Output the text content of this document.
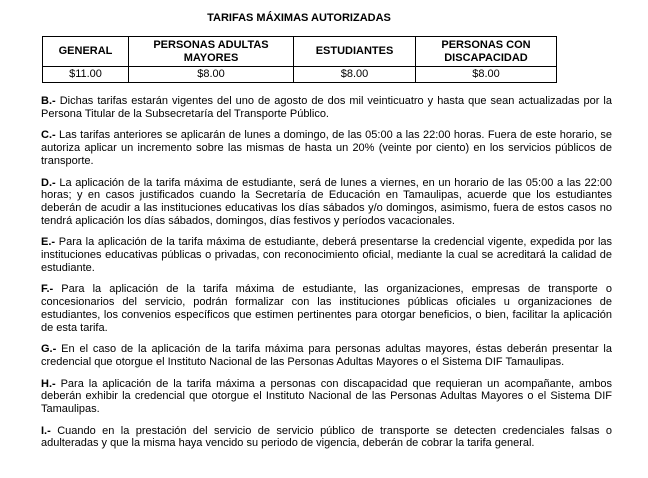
TARIFAS MÁXIMAS AUTORIZADAS
GENERAL	PERSONAS ADULTAS MAYORES	ESTUDIANTES	PERSONAS CON DISCAPACIDAD
$11.00	$8.00	$8.00	$8.00

B.- Dichas tarifas estarán vigentes del uno de agosto de dos mil veinticuatro y hasta que sean actualizadas por la Persona Titular de la Subsecretaría del Transporte Público.

C.- Las tarifas anteriores se aplicarán de lunes a domingo, de las 05:00 a las 22:00 horas. Fuera de este horario, se autoriza aplicar un incremento sobre las mismas de hasta un 20% (veinte por ciento) en los servicios públicos de transporte.

D.- La aplicación de la tarifa máxima de estudiante, será de lunes a viernes, en un horario de las 05:00 a las 22:00 horas; y en casos justificados cuando la Secretaría de Educación en Tamaulipas, acuerde que los estudiantes deberán de acudir a las instituciones educativas los días sábados y/o domingos, asimismo, fuera de estos casos no tendrá aplicación los días sábados, domingos, días festivos y períodos vacacionales.

E.- Para la aplicación de la tarifa máxima de estudiante, deberá presentarse la credencial vigente, expedida por las instituciones educativas públicas o privadas, con reconocimiento oficial, mediante la cual se acreditará la calidad de estudiante.

F.- Para la aplicación de la tarifa máxima de estudiante, las organizaciones, empresas de transporte o concesionarios del servicio, podrán formalizar con las instituciones públicas oficiales u organizaciones de estudiantes, los convenios específicos que estimen pertinentes para otorgar beneficios, o bien, facilitar la aplicación de esta tarifa.

G.- En el caso de la aplicación de la tarifa máxima para personas adultas mayores, éstas deberán presentar la credencial que otorgue el Instituto Nacional de las Personas Adultas Mayores o el Sistema DIF Tamaulipas.

H.- Para la aplicación de la tarifa máxima a personas con discapacidad que requieran un acompañante, ambos deberán exhibir la credencial que otorgue el Instituto Nacional de las Personas Adultas Mayores o el Sistema DIF Tamaulipas.

I.- Cuando en la prestación del servicio de servicio público de transporte se detecten credenciales falsas o adulteradas y que la misma haya vencido su periodo de vigencia, deberán de cobrar la tarifa general.
